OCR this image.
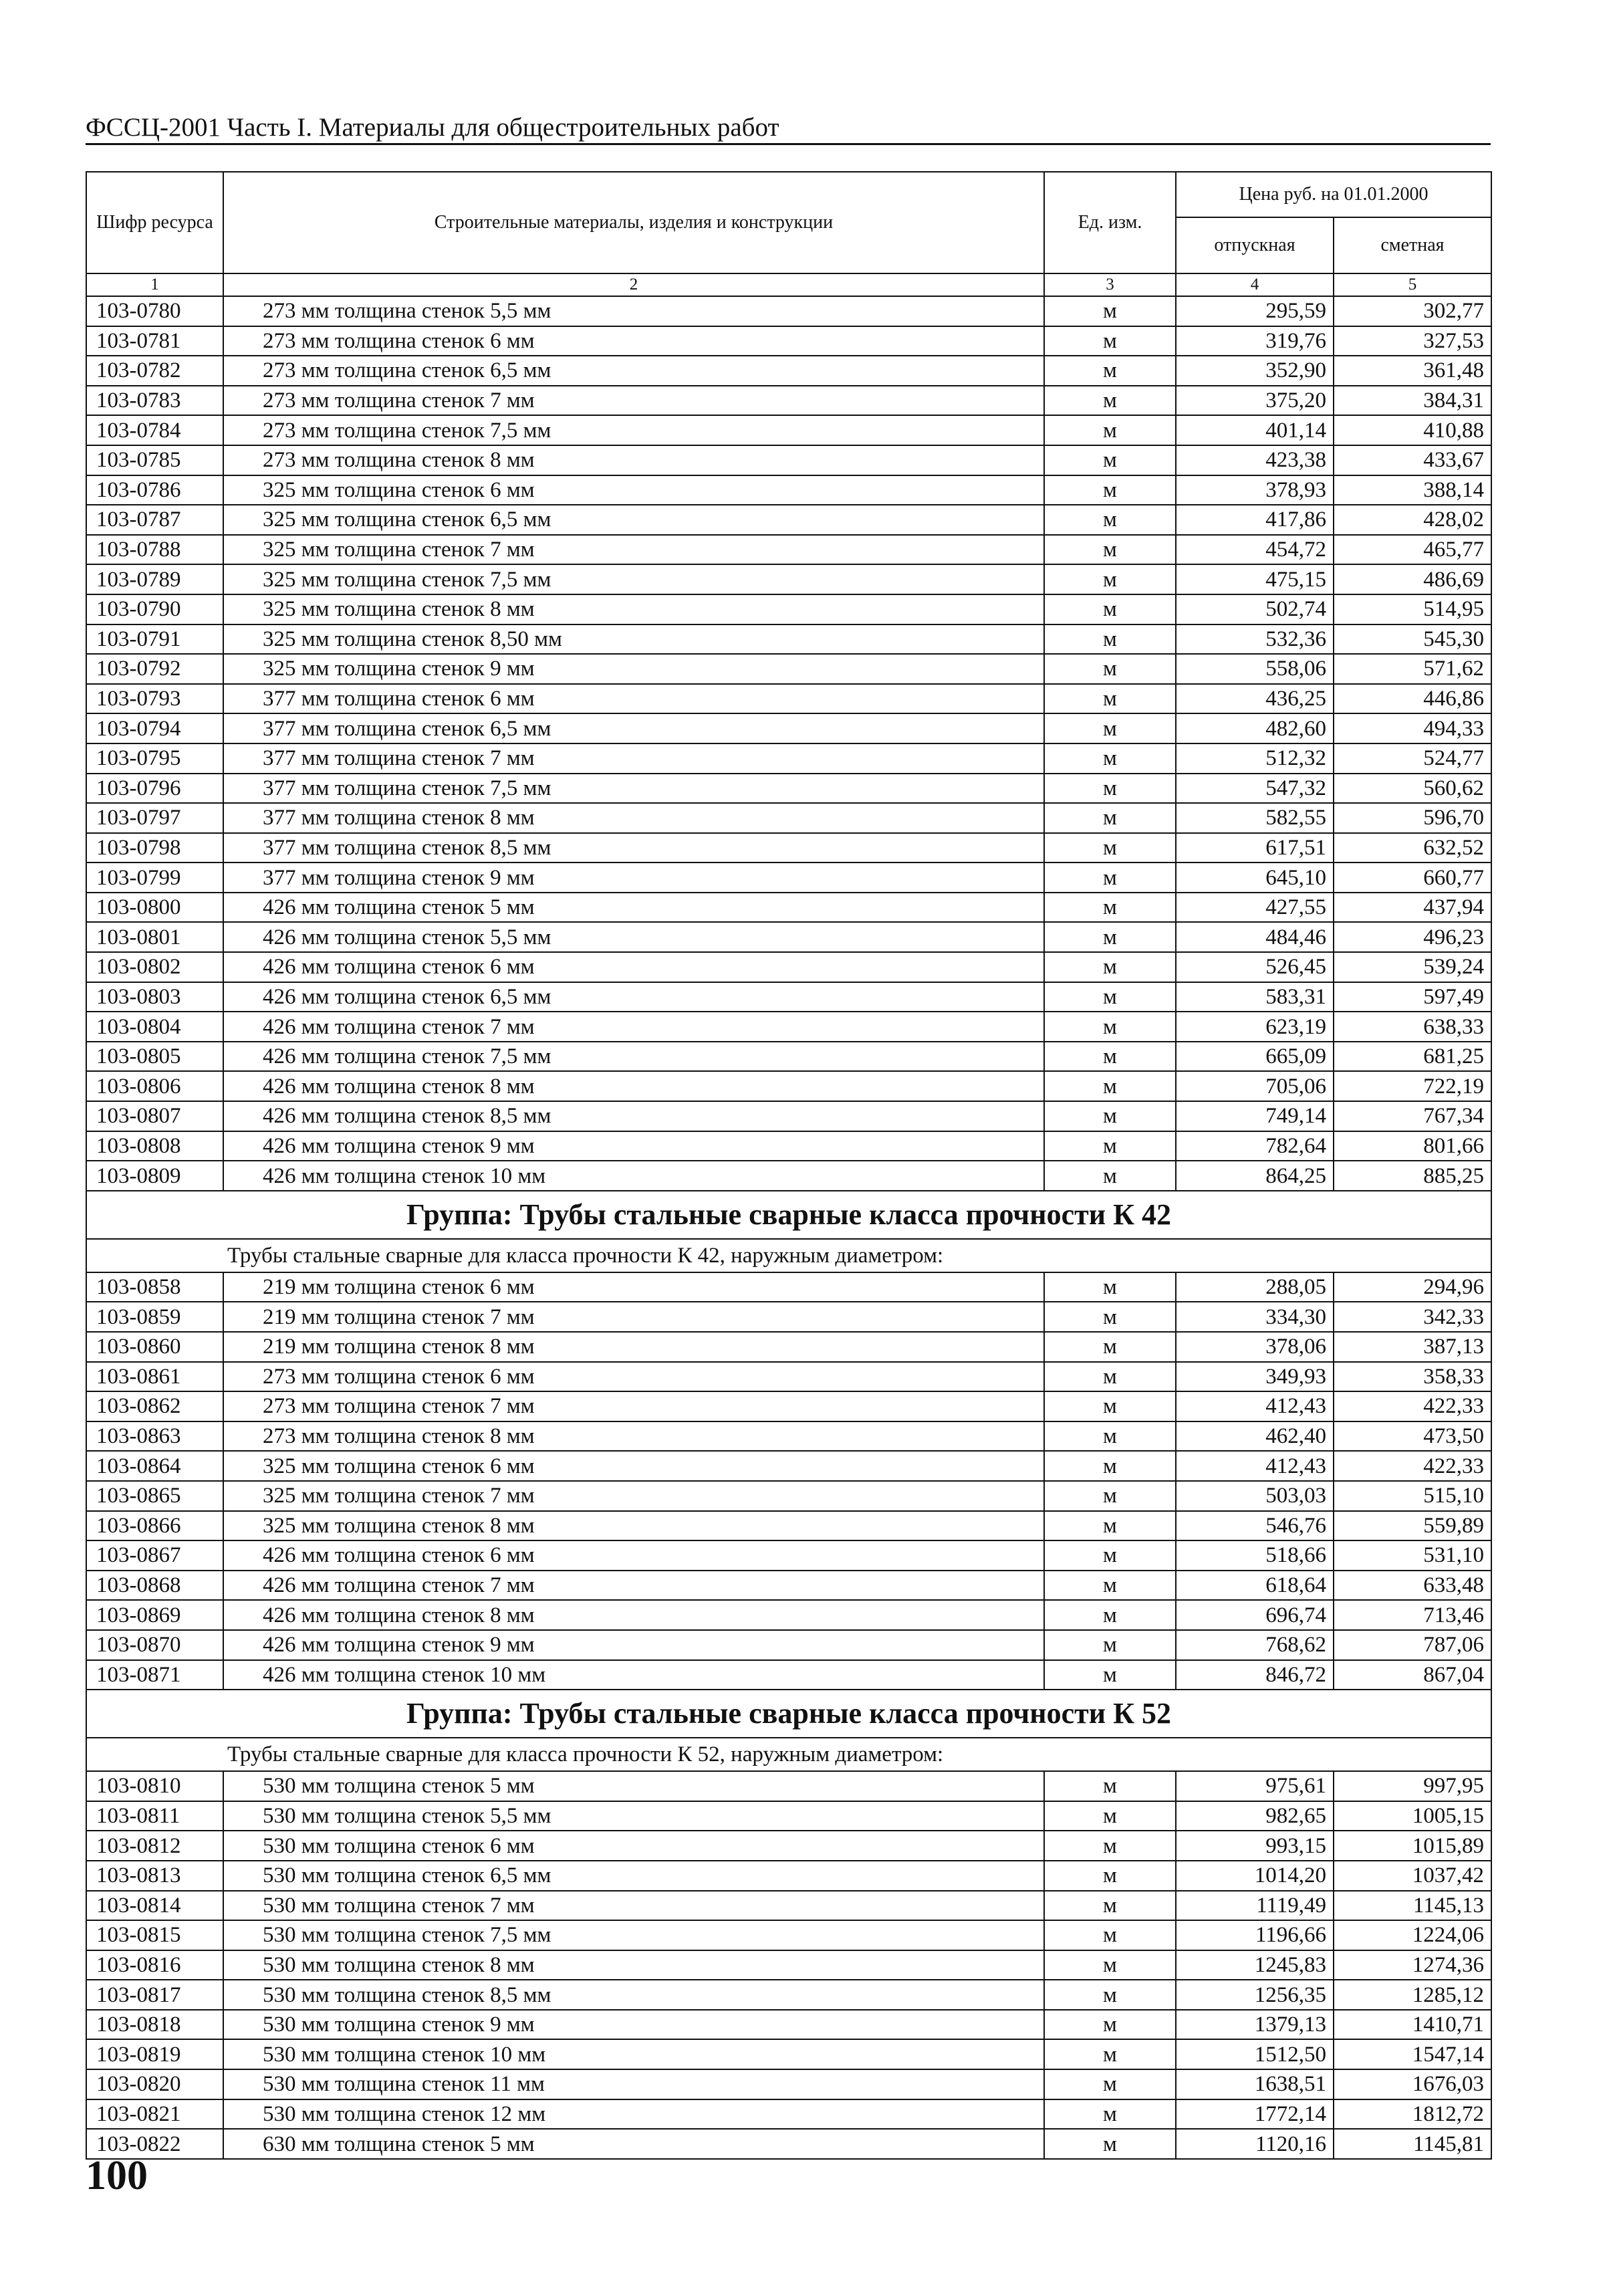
ФССЦ-2001 Часть I. Материалы для общестроительных работ
Шифр ресурса	Строительные материалы, изделия и конструкции	Ед. изм.	Цена руб. на 01.01.2000	
			отпускная	сметная
1	2	3	4	5
103-0780	273 мм толщина стенок 5,5 мм	м	295,59	302,77
103-0781	273 мм толщина стенок 6 мм	м	319,76	327,53
103-0782	273 мм толщина стенок 6,5 мм	м	352,90	361,48
103-0783	273 мм толщина стенок 7 мм	м	375,20	384,31
103-0784	273 мм толщина стенок 7,5 мм	м	401,14	410,88
103-0785	273 мм толщина стенок 8 мм	м	423,38	433,67
103-0786	325 мм толщина стенок 6 мм	м	378,93	388,14
103-0787	325 мм толщина стенок 6,5 мм	м	417,86	428,02
103-0788	325 мм толщина стенок 7 мм	м	454,72	465,77
103-0789	325 мм толщина стенок 7,5 мм	м	475,15	486,69
103-0790	325 мм толщина стенок 8 мм	м	502,74	514,95
103-0791	325 мм толщина стенок 8,50 мм	м	532,36	545,30
103-0792	325 мм толщина стенок 9 мм	м	558,06	571,62
103-0793	377 мм толщина стенок 6 мм	м	436,25	446,86
103-0794	377 мм толщина стенок 6,5 мм	м	482,60	494,33
103-0795	377 мм толщина стенок 7 мм	м	512,32	524,77
103-0796	377 мм толщина стенок 7,5 мм	м	547,32	560,62
103-0797	377 мм толщина стенок 8 мм	м	582,55	596,70
103-0798	377 мм толщина стенок 8,5 мм	м	617,51	632,52
103-0799	377 мм толщина стенок 9 мм	м	645,10	660,77
103-0800	426 мм толщина стенок 5 мм	м	427,55	437,94
103-0801	426 мм толщина стенок 5,5 мм	м	484,46	496,23
103-0802	426 мм толщина стенок 6 мм	м	526,45	539,24
103-0803	426 мм толщина стенок 6,5 мм	м	583,31	597,49
103-0804	426 мм толщина стенок 7 мм	м	623,19	638,33
103-0805	426 мм толщина стенок 7,5 мм	м	665,09	681,25
103-0806	426 мм толщина стенок 8 мм	м	705,06	722,19
103-0807	426 мм толщина стенок 8,5 мм	м	749,14	767,34
103-0808	426 мм толщина стенок 9 мм	м	782,64	801,66
103-0809	426 мм толщина стенок 10 мм	м	864,25	885,25
Группа: Трубы стальные сварные класса прочности К 42				
Трубы стальные сварные для класса прочности К 42, наружным диаметром:				
103-0858	219 мм толщина стенок 6 мм	м	288,05	294,96
103-0859	219 мм толщина стенок 7 мм	м	334,30	342,33
103-0860	219 мм толщина стенок 8 мм	м	378,06	387,13
103-0861	273 мм толщина стенок 6 мм	м	349,93	358,33
103-0862	273 мм толщина стенок 7 мм	м	412,43	422,33
103-0863	273 мм толщина стенок 8 мм	м	462,40	473,50
103-0864	325 мм толщина стенок 6 мм	м	412,43	422,33
103-0865	325 мм толщина стенок 7 мм	м	503,03	515,10
103-0866	325 мм толщина стенок 8 мм	м	546,76	559,89
103-0867	426 мм толщина стенок 6 мм	м	518,66	531,10
103-0868	426 мм толщина стенок 7 мм	м	618,64	633,48
103-0869	426 мм толщина стенок 8 мм	м	696,74	713,46
103-0870	426 мм толщина стенок 9 мм	м	768,62	787,06
103-0871	426 мм толщина стенок 10 мм	м	846,72	867,04
Группа: Трубы стальные сварные класса прочности К 52				
Трубы стальные сварные для класса прочности К 52, наружным диаметром:				
103-0810	530 мм толщина стенок 5 мм	м	975,61	997,95
103-0811	530 мм толщина стенок 5,5 мм	м	982,65	1005,15
103-0812	530 мм толщина стенок 6 мм	м	993,15	1015,89
103-0813	530 мм толщина стенок 6,5 мм	м	1014,20	1037,42
103-0814	530 мм толщина стенок 7 мм	м	1119,49	1145,13
103-0815	530 мм толщина стенок 7,5 мм	м	1196,66	1224,06
103-0816	530 мм толщина стенок 8 мм	м	1245,83	1274,36
103-0817	530 мм толщина стенок 8,5 мм	м	1256,35	1285,12
103-0818	530 мм толщина стенок 9 мм	м	1379,13	1410,71
103-0819	530 мм толщина стенок 10 мм	м	1512,50	1547,14
103-0820	530 мм толщина стенок 11 мм	м	1638,51	1676,03
103-0821	530 мм толщина стенок 12 мм	м	1772,14	1812,72
103-0822	630 мм толщина стенок 5 мм	м	1120,16	1145,81
100
